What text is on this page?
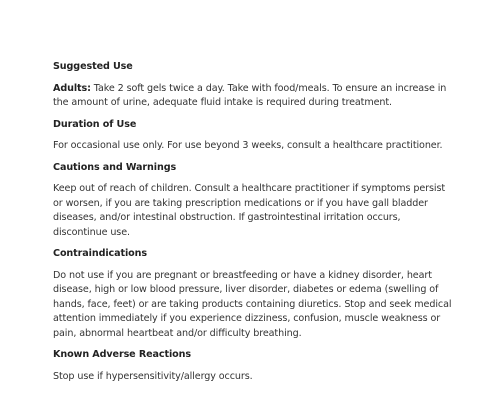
Suggested Use
Adults: Take 2 soft gels twice a day. Take with food/meals. To ensure an increase in the amount of urine, adequate fluid intake is required during treatment.
Duration of Use
For occasional use only. For use beyond 3 weeks, consult a healthcare practitioner.
Cautions and Warnings
Keep out of reach of children. Consult a healthcare practitioner if symptoms persist or worsen, if you are taking prescription medications or if you have gall bladder diseases, and/or intestinal obstruction. If gastrointestinal irritation occurs, discontinue use.
Contraindications
Do not use if you are pregnant or breastfeeding or have a kidney disorder, heart disease, high or low blood pressure, liver disorder, diabetes or edema (swelling of hands, face, feet) or are taking products containing diuretics. Stop and seek medical attention immediately if you experience dizziness, confusion, muscle weakness or pain, abnormal heartbeat and/or difficulty breathing.
Known Adverse Reactions
Stop use if hypersensitivity/allergy occurs.
